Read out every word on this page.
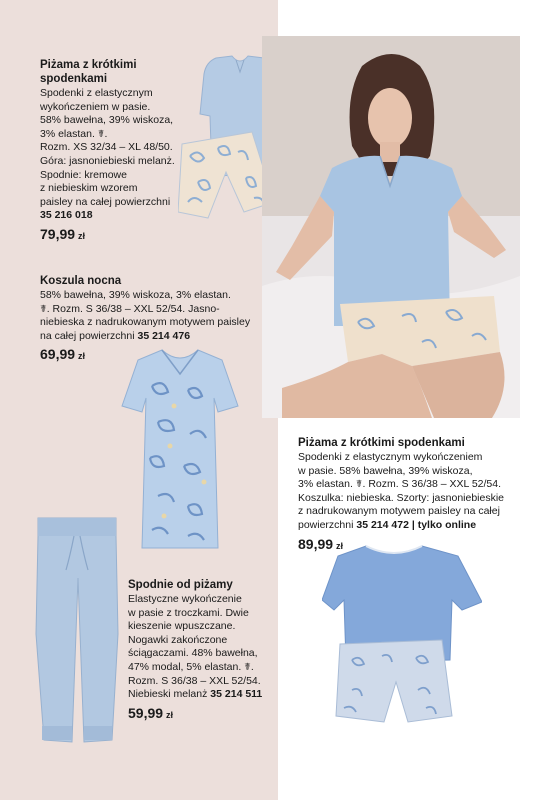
Piżama z krótkimi
spodenkami
Spodenki z elastycznym
wykończeniem w pasie.
58% bawełna, 39% wiskoza,
3% elastan. ☤.
Rozm. XS 32/34 – XL 48/50.
Góra: jasnoniebieski melanż.
Spodnie: kremowe
z niebieskim wzorem
paisley na całej powierzchni
35 216 018
79,99 zł
Koszula nocna
58% bawełna, 39% wiskoza, 3% elastan.
☤. Rozm. S 36/38 – XXL 52/54. Jasno-
niebieska z nadrukowanym motywem paisley
na całej powierzchni 35 214 476
69,99 zł
Spodnie od piżamy
Elastyczne wykończenie
w pasie z troczkami. Dwie
kieszenie wpuszczane.
Nogawki zakończone
ściągaczami. 48% bawełna,
47% modal, 5% elastan. ☤.
Rozm. S 36/38 – XXL 52/54.
Niebieski melanż 35 214 511
59,99 zł
Piżama z krótkimi spodenkami
Spodenki z elastycznym wykończeniem
w pasie. 58% bawełna, 39% wiskoza,
3% elastan. ☤. Rozm. S 36/38 – XXL 52/54.
Koszulka: niebieska. Szorty: jasnoniebieskie
z nadrukowanym motywem paisley na całej
powierzchni 35 214 472 | tylko online
89,99 zł
